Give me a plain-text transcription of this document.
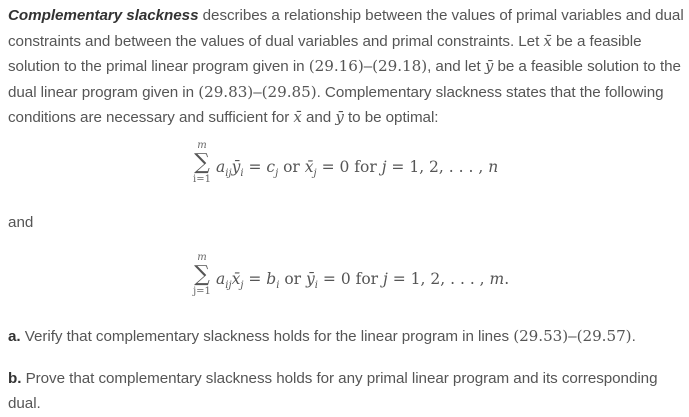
Complementary slackness describes a relationship between the values of primal variables and dual constraints and between the values of dual variables and primal constraints. Let x̄ be a feasible solution to the primal linear program given in (29.16)–(29.18), and let ȳ be a feasible solution to the dual linear program given in (29.83)–(29.85). Complementary slackness states that the following conditions are necessary and sufficient for x̄ and ȳ to be optimal:
m
∑
i=1
$a_{ij}ȳ_i = c_j$ or $x̄_j = 0$ for j = 1, 2, . . . , n
and
m
∑
j=1
$a_{ij}x̄_j = b_i$ or $ȳ_i = 0$ for j = 1, 2, . . . , m.
a. Verify that complementary slackness holds for the linear program in lines (29.53)–(29.57).
b. Prove that complementary slackness holds for any primal linear program and its corresponding dual.
